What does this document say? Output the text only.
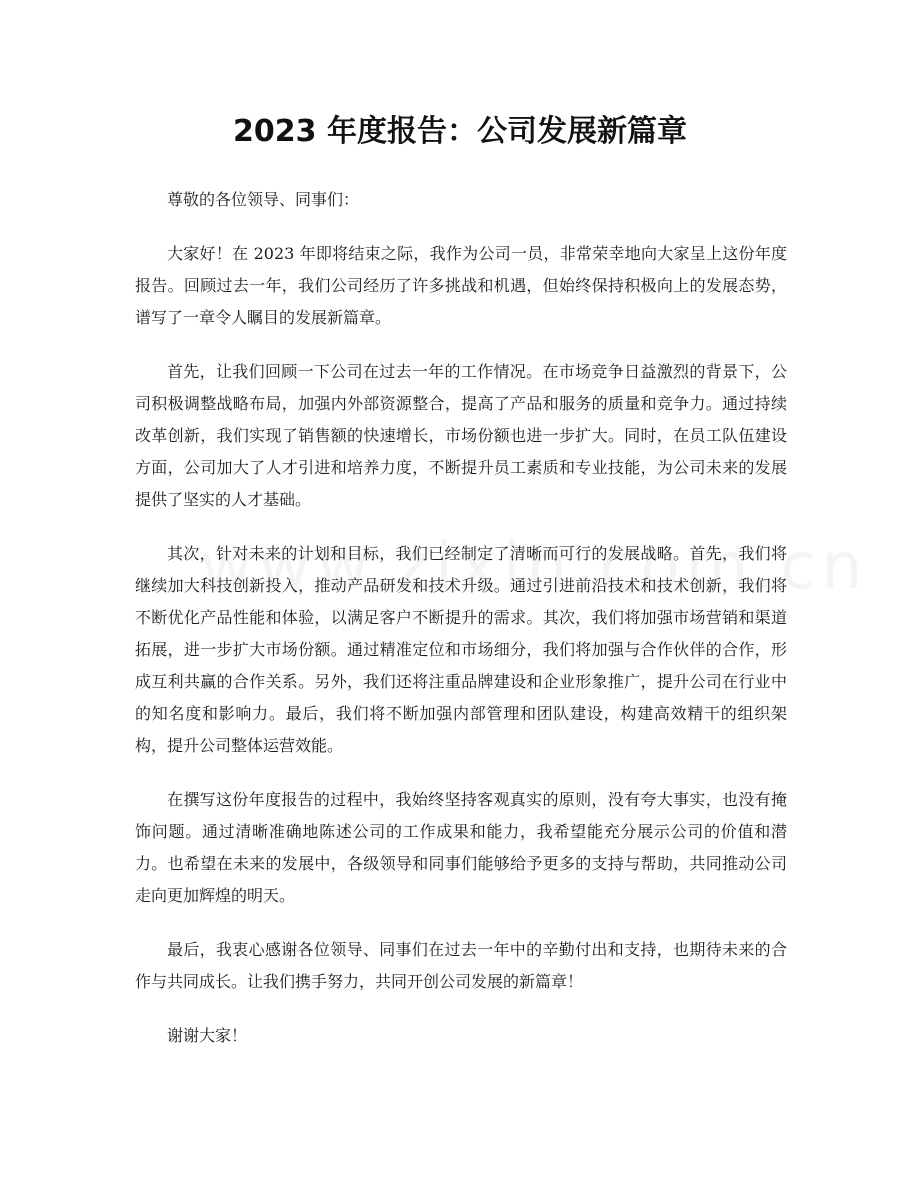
2023 年度报告：公司发展新篇章

尊敬的各位领导、同事们：

大家好！在 2023 年即将结束之际，我作为公司一员，非常荣幸地向大家呈上这份年度报告。回顾过去一年，我们公司经历了许多挑战和机遇，但始终保持积极向上的发展态势，谱写了一章令人瞩目的发展新篇章。

首先，让我们回顾一下公司在过去一年的工作情况。在市场竞争日益激烈的背景下，公司积极调整战略布局，加强内外部资源整合，提高了产品和服务的质量和竞争力。通过持续改革创新，我们实现了销售额的快速增长，市场份额也进一步扩大。同时，在员工队伍建设方面，公司加大了人才引进和培养力度，不断提升员工素质和专业技能，为公司未来的发展提供了坚实的人才基础。

其次，针对未来的计划和目标，我们已经制定了清晰而可行的发展战略。首先，我们将继续加大科技创新投入，推动产品研发和技术升级。通过引进前沿技术和技术创新，我们将不断优化产品性能和体验，以满足客户不断提升的需求。其次，我们将加强市场营销和渠道拓展，进一步扩大市场份额。通过精准定位和市场细分，我们将加强与合作伙伴的合作，形成互利共赢的合作关系。另外，我们还将注重品牌建设和企业形象推广，提升公司在行业中的知名度和影响力。最后，我们将不断加强内部管理和团队建设，构建高效精干的组织架构，提升公司整体运营效能。

在撰写这份年度报告的过程中，我始终坚持客观真实的原则，没有夸大事实，也没有掩饰问题。通过清晰准确地陈述公司的工作成果和能力，我希望能充分展示公司的价值和潜力。也希望在未来的发展中，各级领导和同事们能够给予更多的支持与帮助，共同推动公司走向更加辉煌的明天。

最后，我衷心感谢各位领导、同事们在过去一年中的辛勤付出和支持，也期待未来的合作与共同成长。让我们携手努力，共同开创公司发展的新篇章！

谢谢大家！
